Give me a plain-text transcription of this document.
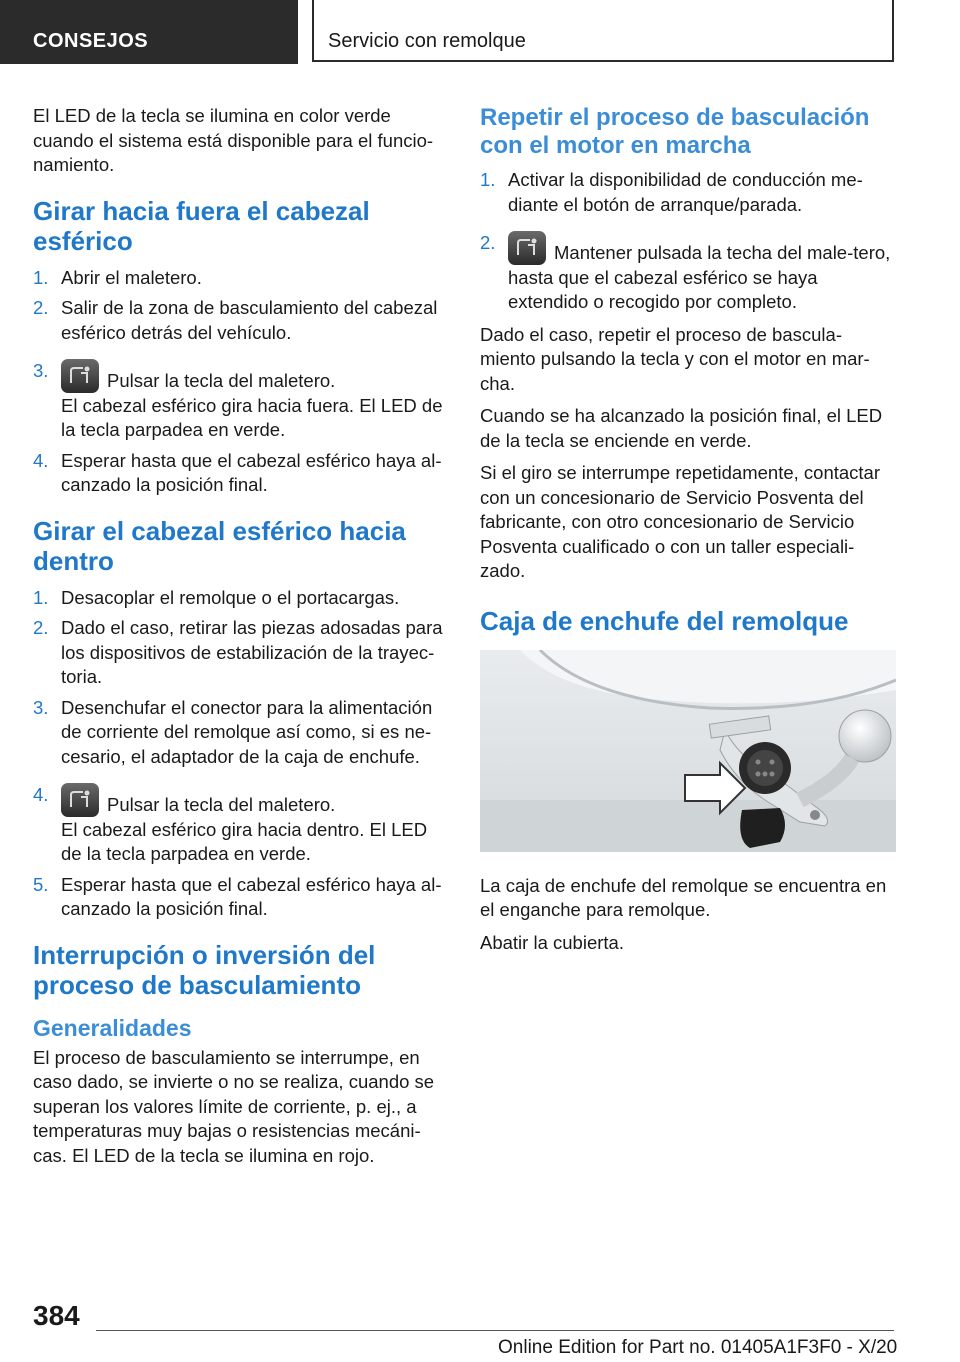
CONSEJOS	Servicio con remolque

El LED de la tecla se ilumina en color verde cuando el sistema está disponible para el funcio‐namiento.

Girar hacia fuera el cabezal esférico
1. Abrir el maletero.
2. Salir de la zona de basculamiento del cabezal esférico detrás del vehículo.
3.	Pulsar la tecla del maletero.
El cabezal esférico gira hacia fuera. El LED de la tecla parpadea en verde.
4. Esperar hasta que el cabezal esférico haya al‐canzado la posición final.
Girar el cabezal esférico hacia dentro
1. Desacoplar el remolque o el portacargas.
2. Dado el caso, retirar las piezas adosadas para los dispositivos de estabilización de la trayec‐toria.
3. Desenchufar el conector para la alimentación de corriente del remolque así como, si es ne‐cesario, el adaptador de la caja de enchufe.
4.	Pulsar la tecla del maletero.
El cabezal esférico gira hacia dentro. El LED de la tecla parpadea en verde.
5. Esperar hasta que el cabezal esférico haya al‐canzado la posición final.
Interrupción o inversión del proceso de basculamiento
Generalidades

El proceso de basculamiento se interrumpe, en caso dado, se invierte o no se realiza, cuando se superan los valores límite de corriente, p. ej., a temperaturas muy bajas o resistencias mecáni‐cas. El LED de la tecla se ilumina en rojo.

Repetir el proceso de basculación con el motor en marcha
1. Activar la disponibilidad de conducción me‐diante el botón de arranque/parada.
2.	Mantener pulsada la techa del male‐tero, hasta que el cabezal esférico se haya extendido o recogido por completo.

Dado el caso, repetir el proceso de bascula‐miento pulsando la tecla y con el motor en mar‐cha.

Cuando se ha alcanzado la posición final, el LED de la tecla se enciende en verde.

Si el giro se interrumpe repetidamente, contactar con un concesionario de Servicio Posventa del fabricante, con otro concesionario de Servicio Posventa cualificado o con un taller especiali‐zado.

Caja de enchufe del remolque

La caja de enchufe del remolque se encuentra en el enganche para remolque.

Abatir la cubierta.

384
Online Edition for Part no. 01405A1F3F0 - X/20
